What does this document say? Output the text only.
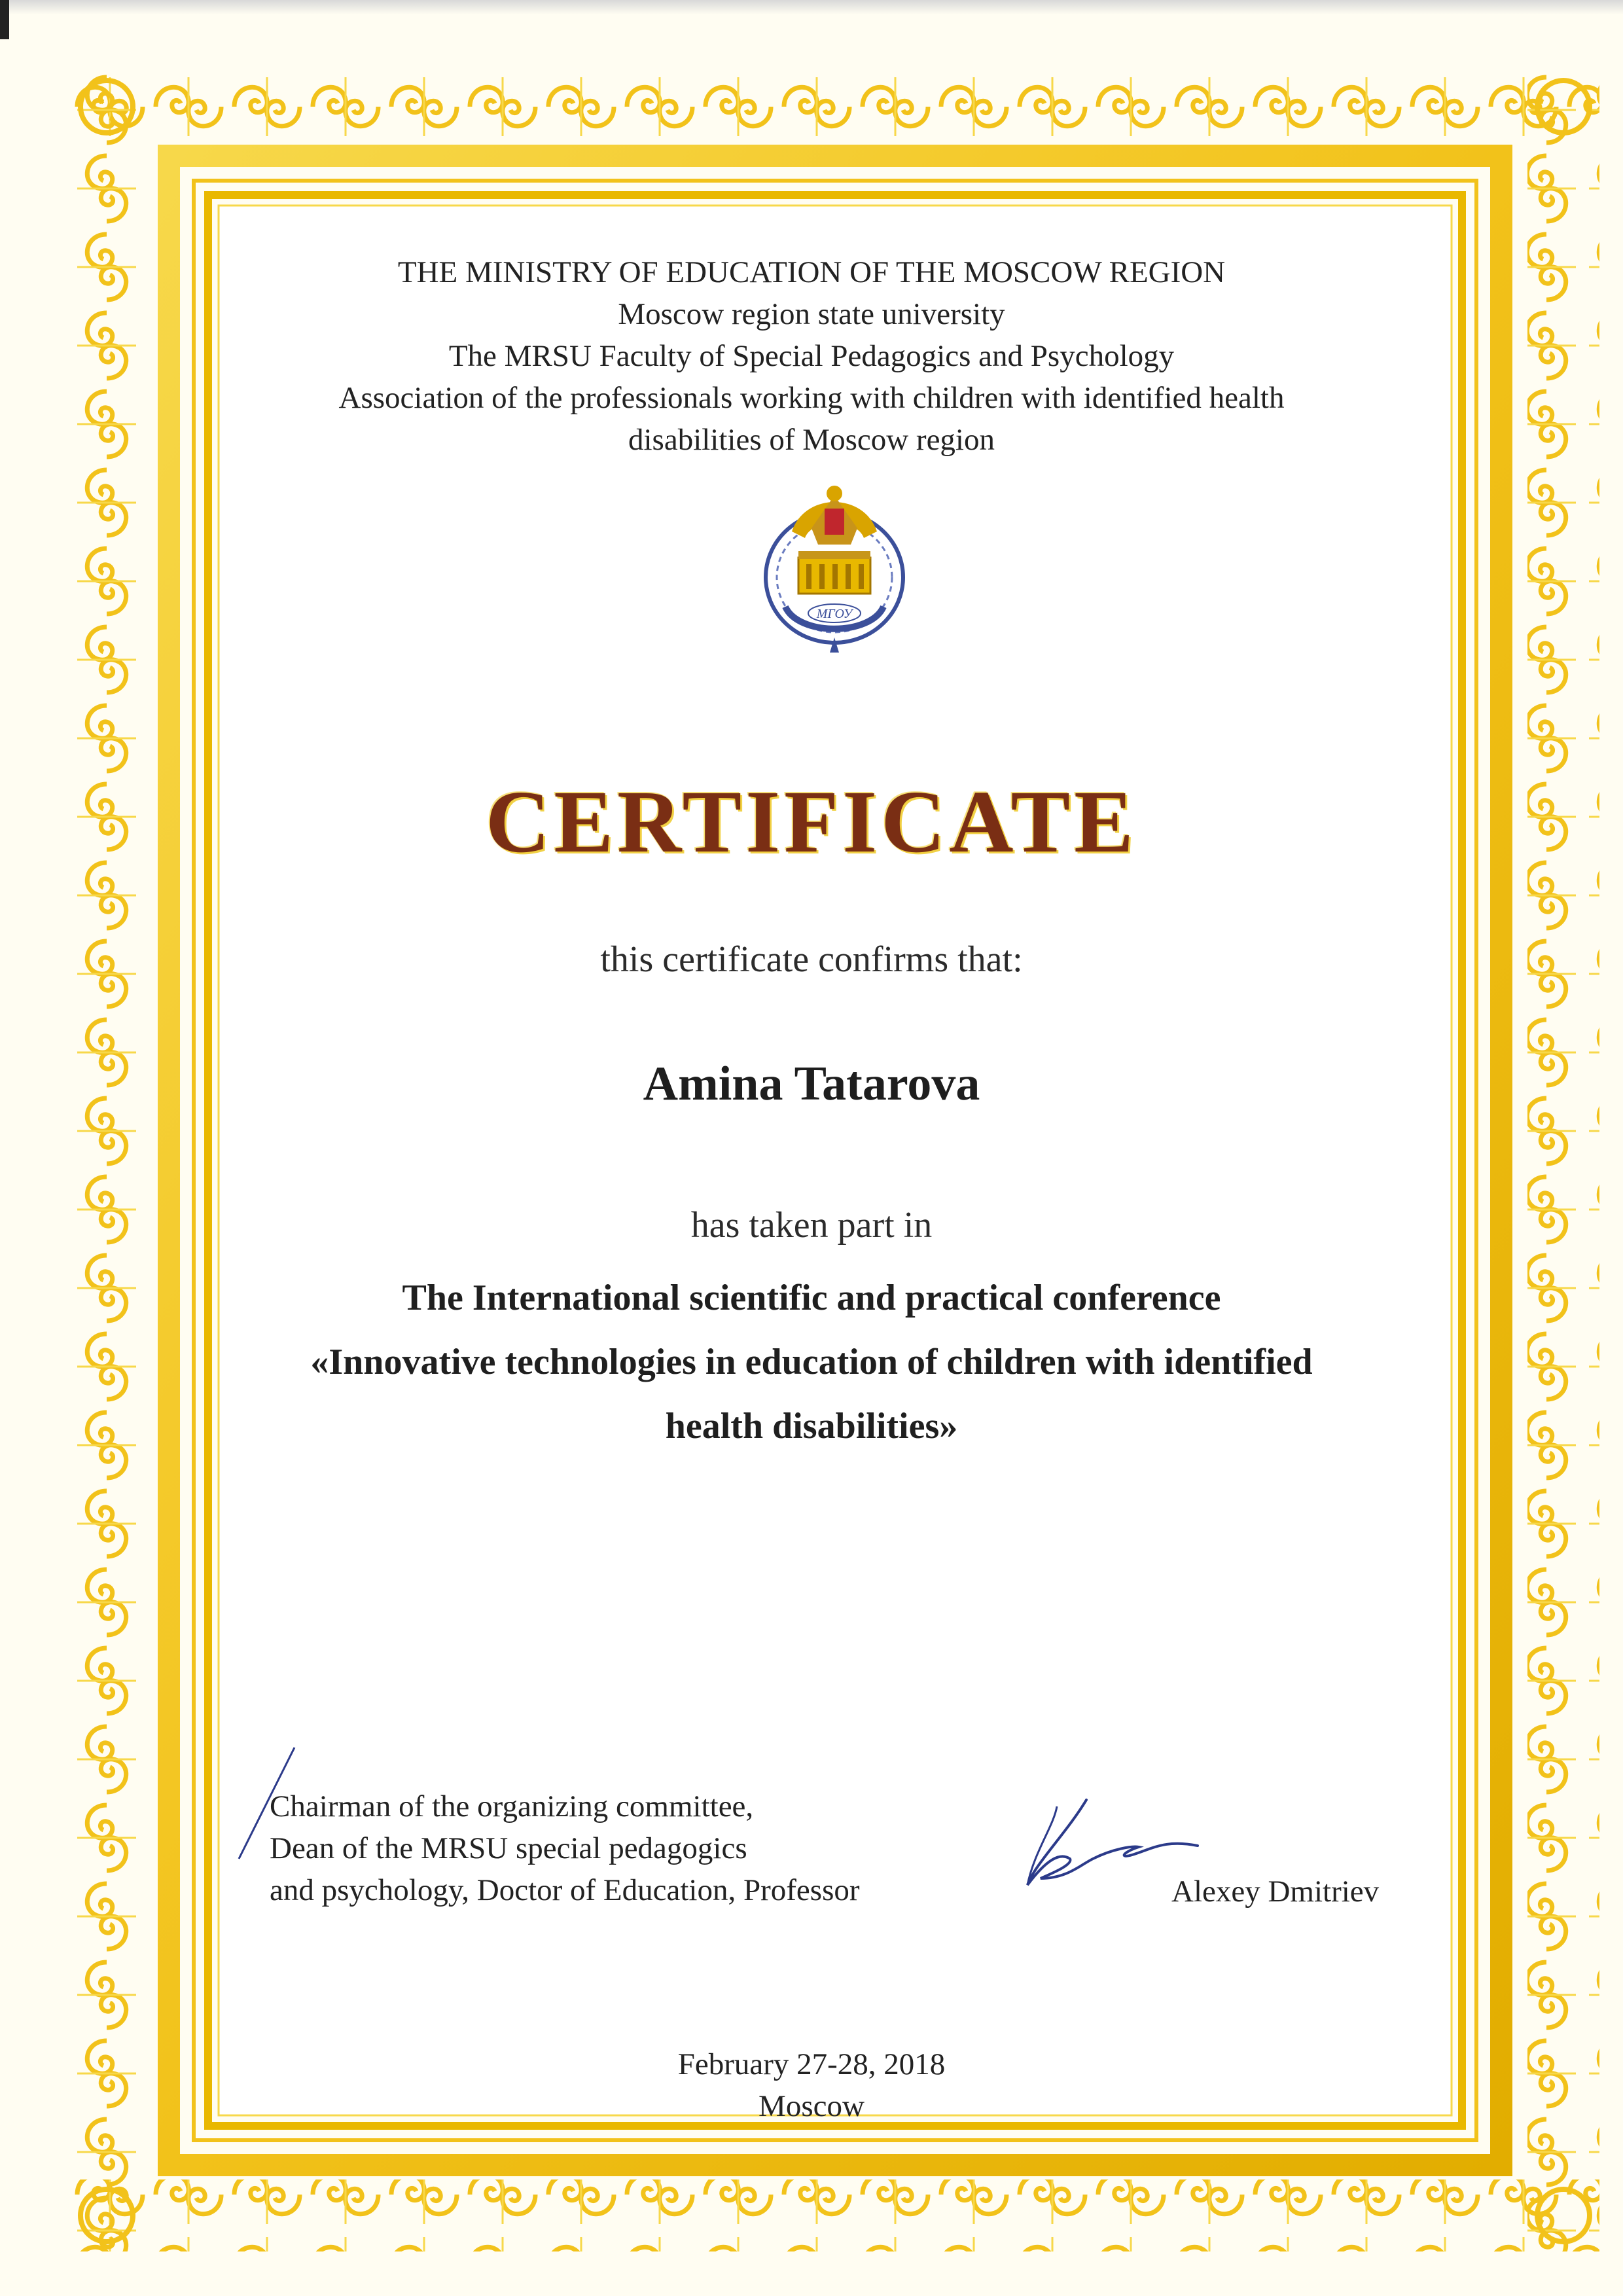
THE MINISTRY OF EDUCATION OF THE MOSCOW REGION
Moscow region state university
The MRSU Faculty of Special Pedagogics and Psychology
Association of the professionals working with children with identified health
disabilities of Moscow region
МГОУ
CERTIFICATE
this certificate confirms that:
Amina Tatarova
has taken part in
The International scientific and practical conference
«Innovative technologies in education of children with identified
health disabilities»
Chairman of the organizing committee,
Dean of the MRSU special pedagogics
and psychology, Doctor of Education, Professor	Alexey Dmitriev
February 27-28, 2018
Moscow
